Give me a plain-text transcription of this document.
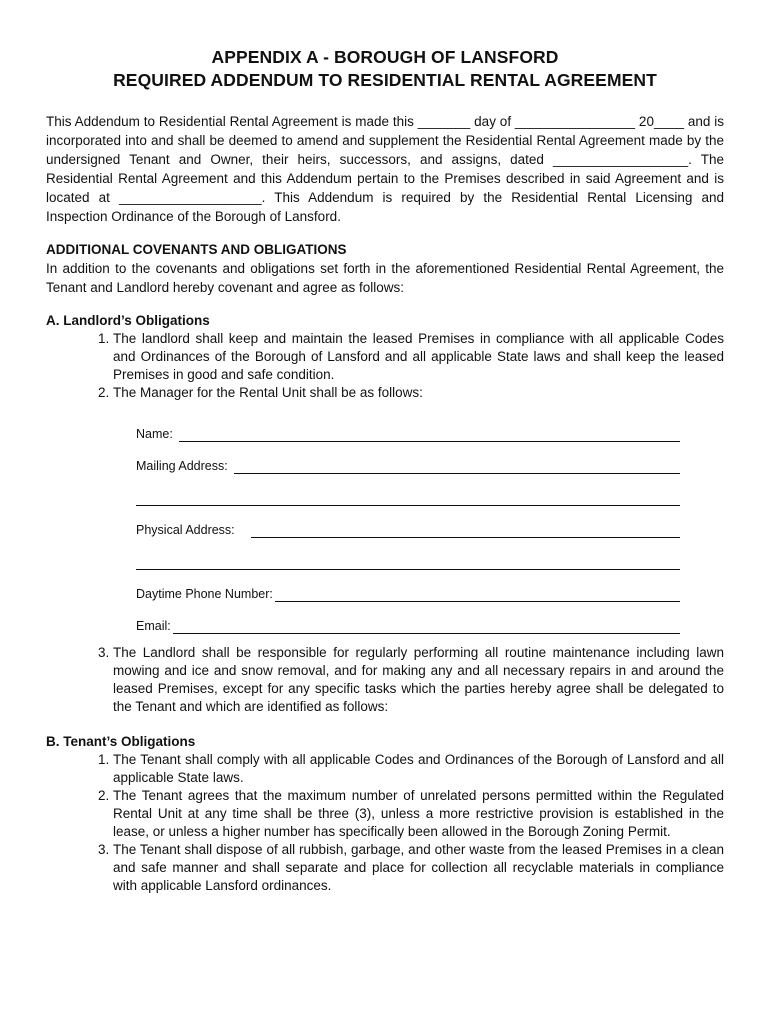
APPENDIX A - BOROUGH OF LANSFORD
REQUIRED ADDENDUM TO RESIDENTIAL RENTAL AGREEMENT
This Addendum to Residential Rental Agreement is made this _______ day of ________________ 20____ and is incorporated into and shall be deemed to amend and supplement the Residential Rental Agreement made by the undersigned Tenant and Owner, their heirs, successors, and assigns, dated __________________. The Residential Rental Agreement and this Addendum pertain to the Premises described in said Agreement and is located at ___________________. This Addendum is required by the Residential Rental Licensing and Inspection Ordinance of the Borough of Lansford.
ADDITIONAL COVENANTS AND OBLIGATIONS
In addition to the covenants and obligations set forth in the aforementioned Residential Rental Agreement, the Tenant and Landlord hereby covenant and agree as follows:
A. Landlord’s Obligations
1. The landlord shall keep and maintain the leased Premises in compliance with all applicable Codes and Ordinances of the Borough of Lansford and all applicable State laws and shall keep the leased Premises in good and safe condition.
2. The Manager for the Rental Unit shall be as follows:
Name:
Mailing Address:
Physical Address:
Daytime Phone Number:
Email:
3. The Landlord shall be responsible for regularly performing all routine maintenance including lawn mowing and ice and snow removal, and for making any and all necessary repairs in and around the leased Premises, except for any specific tasks which the parties hereby agree shall be delegated to the Tenant and which are identified as follows:
B. Tenant’s Obligations
1. The Tenant shall comply with all applicable Codes and Ordinances of the Borough of Lansford and all applicable State laws.
2. The Tenant agrees that the maximum number of unrelated persons permitted within the Regulated Rental Unit at any time shall be three (3), unless a more restrictive provision is established in the lease, or unless a higher number has specifically been allowed in the Borough Zoning Permit.
3. The Tenant shall dispose of all rubbish, garbage, and other waste from the leased Premises in a clean and safe manner and shall separate and place for collection all recyclable materials in compliance with applicable Lansford ordinances.
